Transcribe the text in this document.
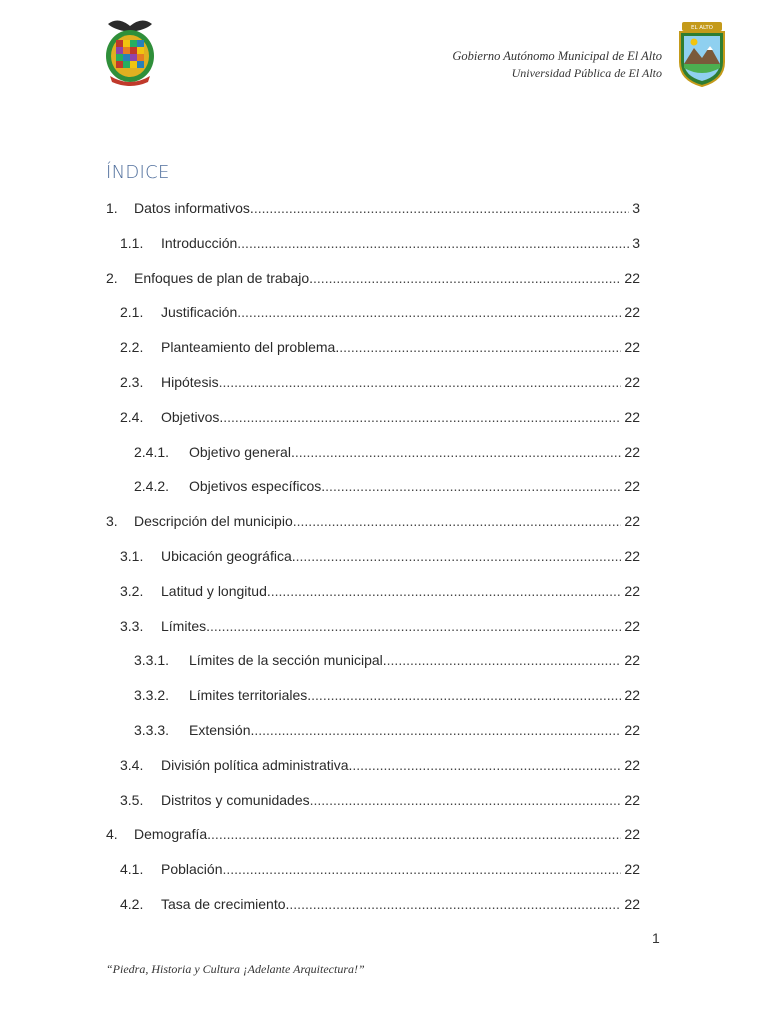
Gobierno Autónomo Municipal de El Alto
Universidad Pública de El Alto
EL ALTO
ÍNDICE
1.	Datos informativos. .....	3
1.1.	Introducción .....	3
2.	Enfoques de plan de trabajo. .....	22
2.1.	Justificación .....	22
2.2.	Planteamiento del problema. .....	22
2.3.	Hipótesis .....	22
2.4.	Objetivos. .....	22
2.4.1.	Objetivo general. .....	22
2.4.2.	Objetivos específicos. .....	22
3.	Descripción del municipio .....	22
3.1.	Ubicación geográfica. .....	22
3.2.	Latitud y longitud. .....	22
3.3.	Límites. .....	22
3.3.1.	Límites de la sección municipal. .....	22
3.3.2.	Límites territoriales. .....	22
3.3.3.	Extensión. .....	22
3.4.	División política administrativa. .....	22
3.5.	Distritos y comunidades .....	22
4.	Demografía. .....	22
4.1.	Población .....	22
4.2.	Tasa de crecimiento. .....	22
1
“Piedra, Historia y Cultura ¡Adelante Arquitectura!”
